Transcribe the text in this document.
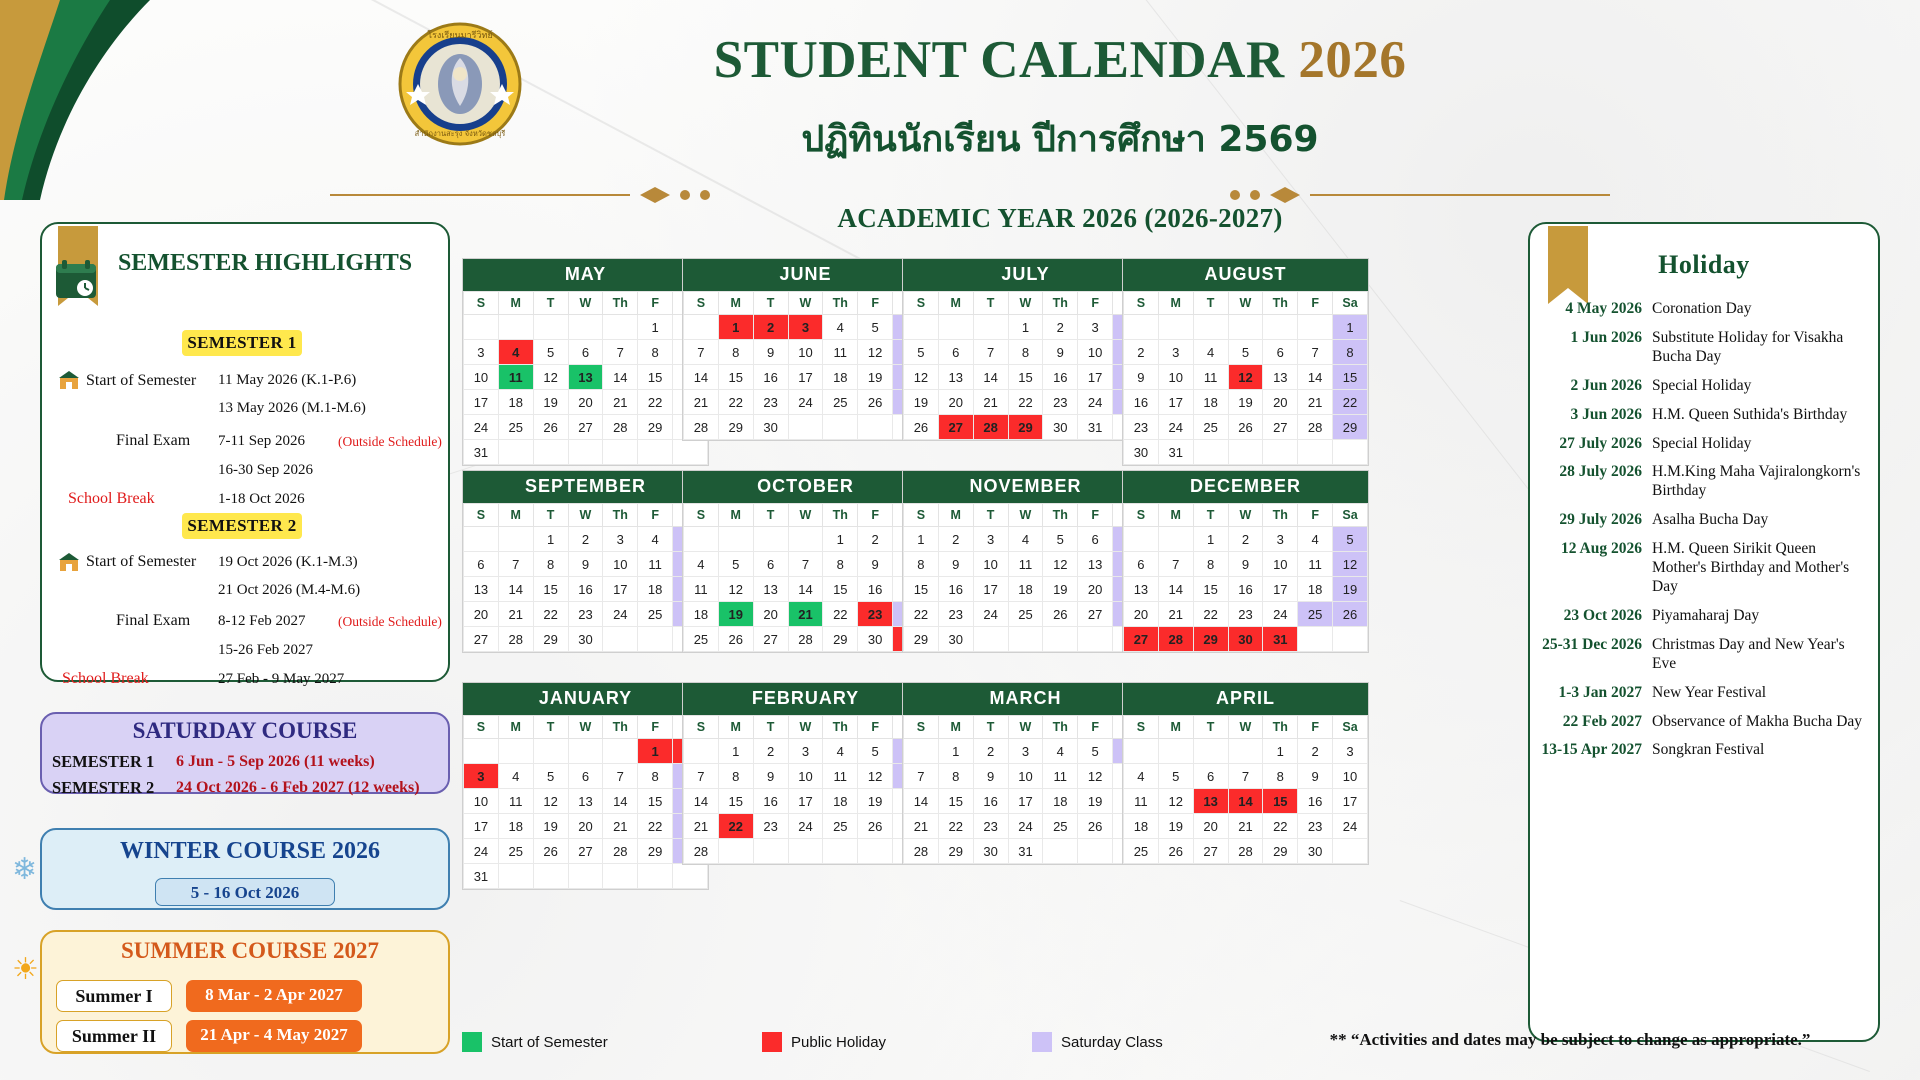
โรงเรียนมารีวิทย์
สำนักงานสะรุง จังหวัดชลบุรี
STUDENT CALENDAR 2026
ปฏิทินนักเรียน ปีการศึกษา 2569
ACADEMIC YEAR 2026 (2026-2027)
SEMESTER HIGHLIGHTS
SEMESTER 1
Start of Semester 11 May 2026 (K.1-P.6)
13 May 2026 (M.1-M.6)
Final Exam 7-11 Sep 2026 (Outside Schedule)
16-30 Sep 2026
School Break	1-18 Oct 2026
SEMESTER 2
Start of Semester 19 Oct 2026 (K.1-M.3)
21 Oct 2026 (M.4-M.6)
Final Exam 8-12 Feb 2027 (Outside Schedule)
15-26 Feb 2027
School Break	27 Feb - 9 May 2027
SATURDAY COURSE
SEMESTER 1 6 Jun - 5 Sep 2026 (11 weeks)
SEMESTER 2 24 Oct 2026 - 6 Feb 2027 (12 weeks)
❄
WINTER COURSE 2026
5 - 16 Oct 2026
☀
SUMMER COURSE 2027
Summer I	8 Mar - 2 Apr 2027
Summer II	21 Apr - 4 May 2027
MAY
S	M	T	W	Th	F	
					1	
3	4	5	6	7	8	
10	11	12	13	14	15	
17	18	19	20	21	22	
24	25	26	27	28	29	
31						
JUNE
S	M	T	W	Th	F	
	1	2	3	4	5	
7	8	9	10	11	12	
14	15	16	17	18	19	
21	22	23	24	25	26	
28	29	30				
JULY
S	M	T	W	Th	F	
			1	2	3	
5	6	7	8	9	10	
12	13	14	15	16	17	
19	20	21	22	23	24	
26	27	28	29	30	31	
AUGUST
S	M	T	W	Th	F	Sa
						1
2	3	4	5	6	7	8
9	10	11	12	13	14	15
16	17	18	19	20	21	22
23	24	25	26	27	28	29
30	31					
SEPTEMBER
S	M	T	W	Th	F	
		1	2	3	4	
6	7	8	9	10	11	
13	14	15	16	17	18	
20	21	22	23	24	25	
27	28	29	30			
OCTOBER
S	M	T	W	Th	F	
				1	2	
4	5	6	7	8	9	
11	12	13	14	15	16	
18	19	20	21	22	23	
25	26	27	28	29	30	
NOVEMBER
S	M	T	W	Th	F	
1	2	3	4	5	6	
8	9	10	11	12	13	
15	16	17	18	19	20	
22	23	24	25	26	27	
29	30					
DECEMBER
S	M	T	W	Th	F	Sa
		1	2	3	4	5
6	7	8	9	10	11	12
13	14	15	16	17	18	19
20	21	22	23	24	25	26
27	28	29	30	31		
JANUARY
S	M	T	W	Th	F	
					1	
3	4	5	6	7	8	
10	11	12	13	14	15	
17	18	19	20	21	22	
24	25	26	27	28	29	
31						
FEBRUARY
S	M	T	W	Th	F	
	1	2	3	4	5	
7	8	9	10	11	12	
14	15	16	17	18	19	
21	22	23	24	25	26	
28						
MARCH
S	M	T	W	Th	F	
	1	2	3	4	5	
7	8	9	10	11	12	
14	15	16	17	18	19	
21	22	23	24	25	26	
28	29	30	31			
APRIL
S	M	T	W	Th	F	Sa
				1	2	3
4	5	6	7	8	9	10
11	12	13	14	15	16	17
18	19	20	21	22	23	24
25	26	27	28	29	30	
Holiday
4 May 2026 Coronation Day
1 Jun 2026 Substitute Holiday for Visakha Bucha Day
2 Jun 2026 Special Holiday
3 Jun 2026 H.M. Queen Suthida's Birthday
27 July 2026 Special Holiday
28 July 2026 H.M.King Maha Vajiralongkorn's Birthday
29 July 2026 Asalha Bucha Day
12 Aug 2026 H.M. Queen Sirikit Queen Mother's Birthday and Mother's Day
23 Oct 2026 Piyamaharaj Day
25-31 Dec 2026 Christmas Day and New Year's Eve
1-3 Jan 2027 New Year Festival
22 Feb 2027 Observance of Makha Bucha Day
13-15 Apr 2027 Songkran Festival
Start of Semester	Public Holiday	Saturday Class	** “Activities and dates may be subject to change as appropriate.”
